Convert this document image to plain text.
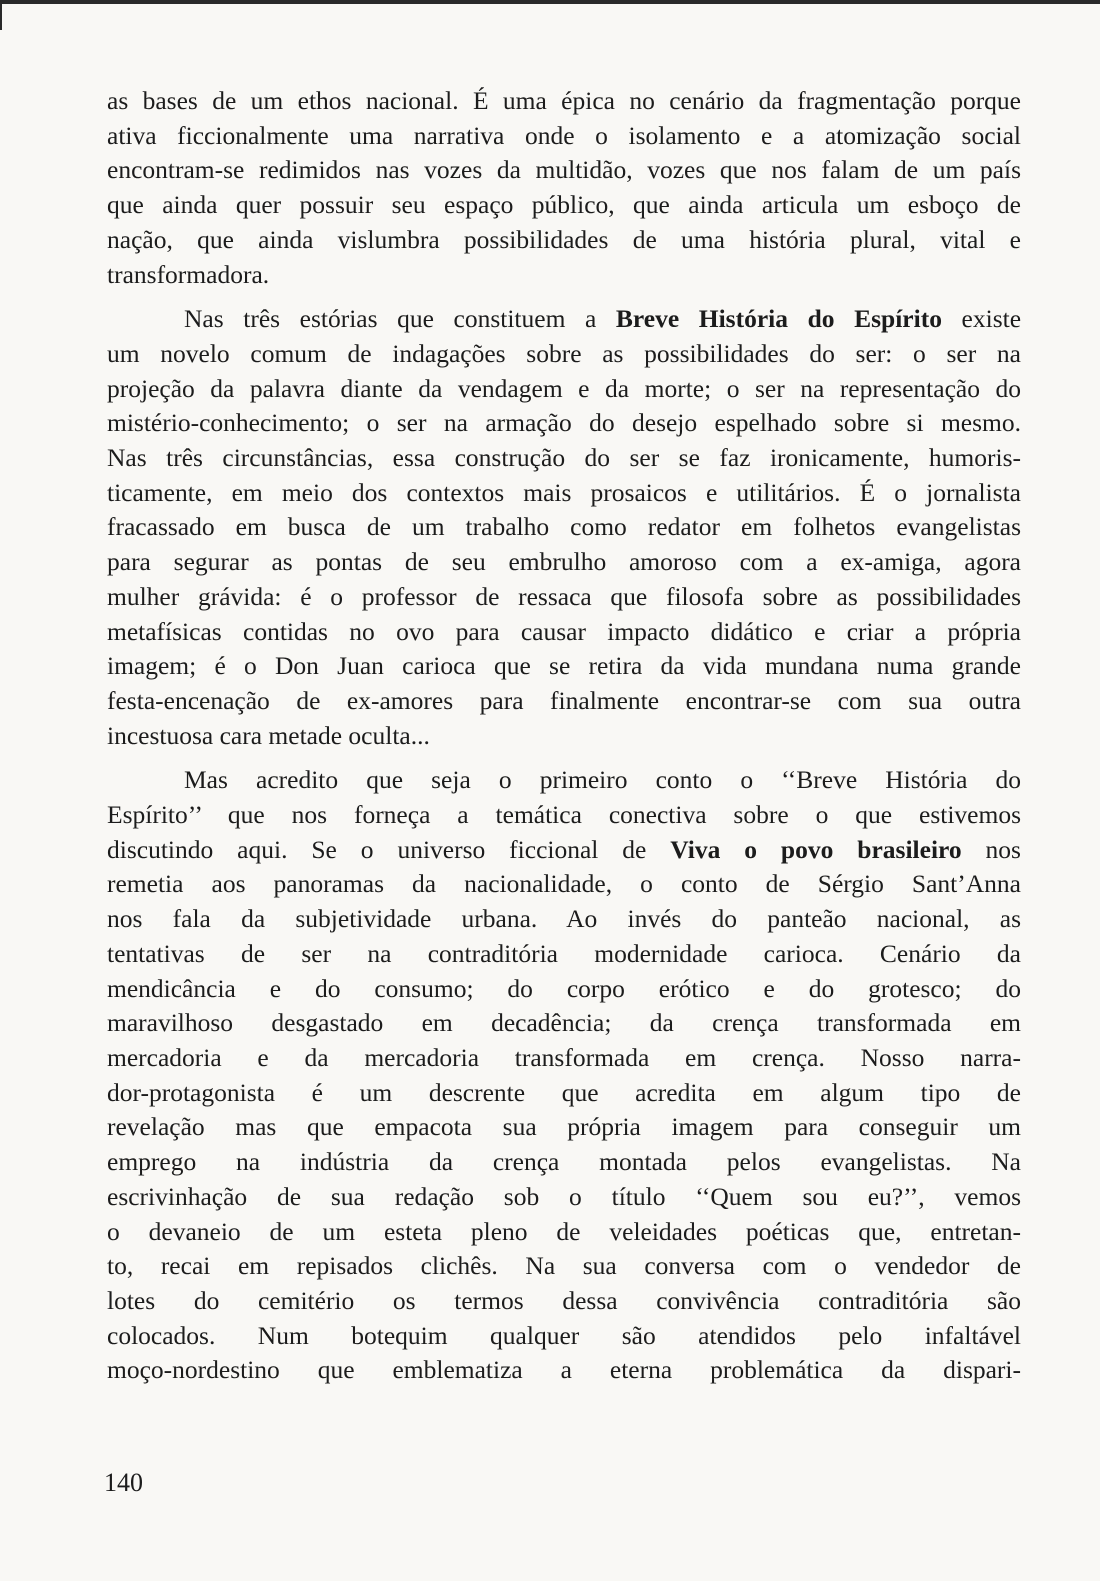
as bases de um ethos nacional. É uma épica no cenário da fragmentação porque
ativa ficcionalmente uma narrativa onde o isolamento e a atomização social
encontram-se redimidos nas vozes da multidão, vozes que nos falam de um país
que ainda quer possuir seu espaço público, que ainda articula um esboço de
nação, que ainda vislumbra possibilidades de uma história plural, vital e
transformadora.
Nas três estórias que constituem a Breve História do Espírito existe
um novelo comum de indagações sobre as possibilidades do ser: o ser na
projeção da palavra diante da vendagem e da morte; o ser na representação do
mistério-conhecimento; o ser na armação do desejo espelhado sobre si mesmo.
Nas três circunstâncias, essa construção do ser se faz ironicamente, humoris-
ticamente, em meio dos contextos mais prosaicos e utilitários. É o jornalista
fracassado em busca de um trabalho como redator em folhetos evangelistas
para segurar as pontas de seu embrulho amoroso com a ex-amiga, agora
mulher grávida: é o professor de ressaca que filosofa sobre as possibilidades
metafísicas contidas no ovo para causar impacto didático e criar a própria
imagem; é o Don Juan carioca que se retira da vida mundana numa grande
festa-encenação de ex-amores para finalmente encontrar-se com sua outra
incestuosa cara metade oculta...
Mas acredito que seja o primeiro conto o ‘‘Breve História do
Espírito’’ que nos forneça a temática conectiva sobre o que estivemos
discutindo aqui. Se o universo ficcional de Viva o povo brasileiro nos
remetia aos panoramas da nacionalidade, o conto de Sérgio Sant’Anna
nos fala da subjetividade urbana. Ao invés do panteão nacional, as
tentativas de ser na contraditória modernidade carioca. Cenário da
mendicância e do consumo; do corpo erótico e do grotesco; do
maravilhoso desgastado em decadência; da crença transformada em
mercadoria e da mercadoria transformada em crença. Nosso narra-
dor-protagonista é um descrente que acredita em algum tipo de
revelação mas que empacota sua própria imagem para conseguir um
emprego na indústria da crença montada pelos evangelistas. Na
escrivinhação de sua redação sob o título ‘‘Quem sou eu?’’, vemos
o devaneio de um esteta pleno de veleidades poéticas que, entretan-
to, recai em repisados clichês. Na sua conversa com o vendedor de
lotes do cemitério os termos dessa convivência contraditória são
colocados. Num botequim qualquer são atendidos pelo infaltável
moço-nordestino que emblematiza a eterna problemática da dispari-
140
